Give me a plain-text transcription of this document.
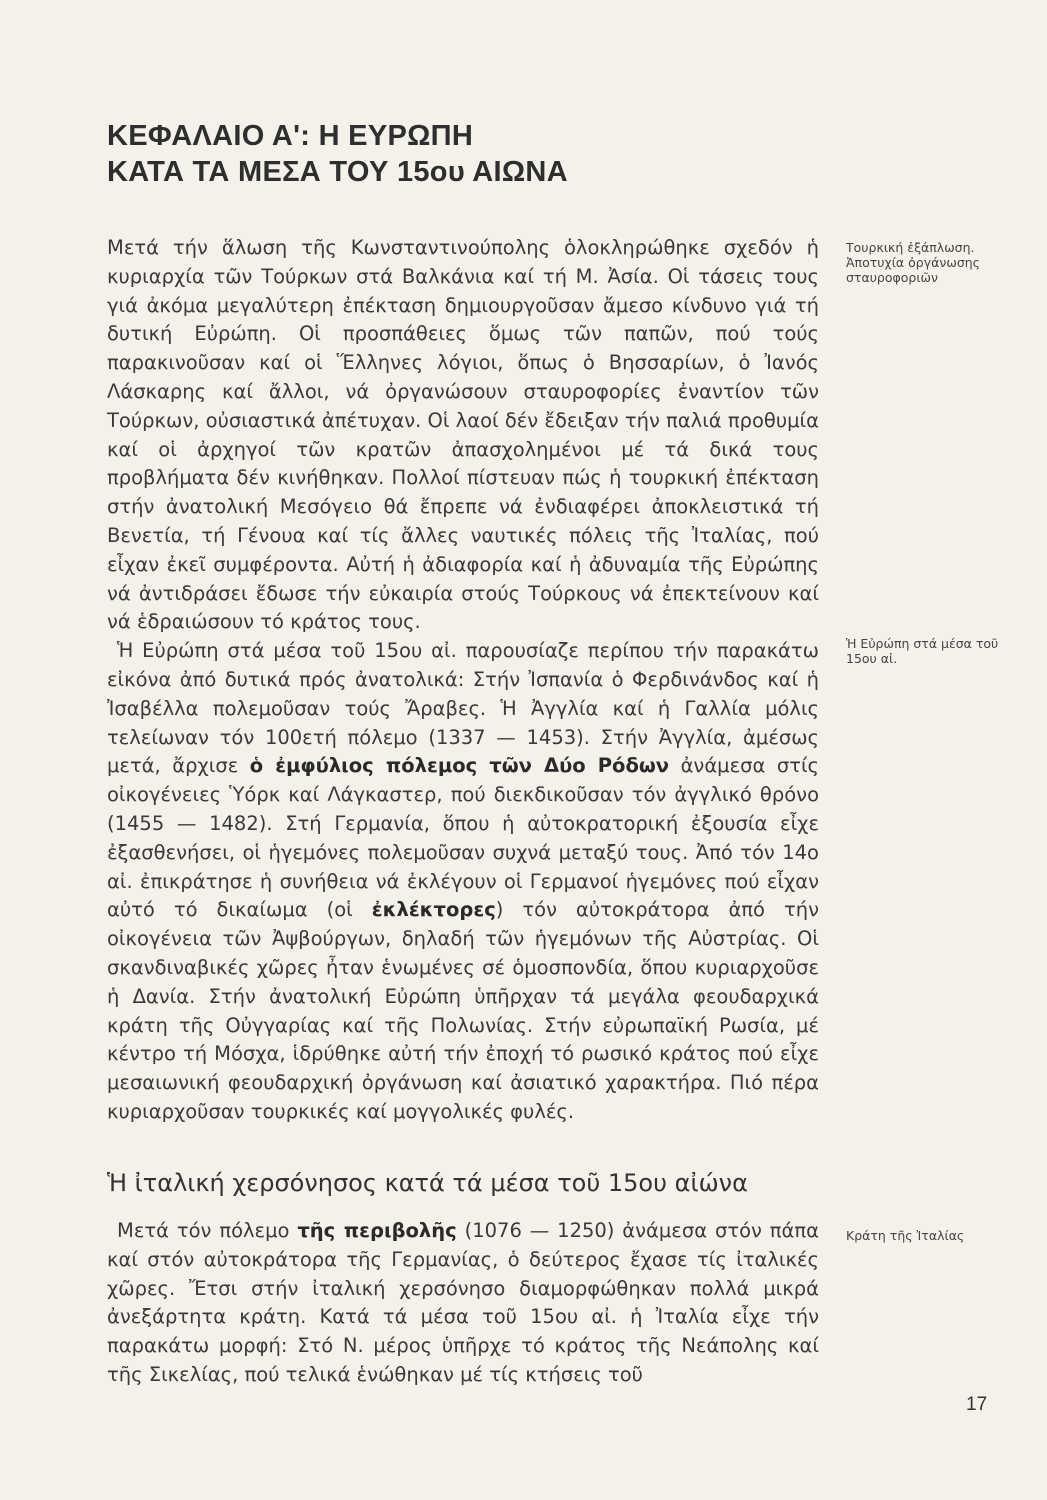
ΚΕΦΑΛΑΙΟ Α': Η ΕΥΡΩΠΗ
ΚΑΤΑ ΤΑ ΜΕΣΑ ΤΟΥ 15ου ΑΙΩΝΑ

Μετά τήν ἅλωση τῆς Κωνσταντινούπολης ὁλοκληρώθηκε σχεδόν ἡ κυριαρχία τῶν Τούρκων στά Βαλκάνια καί τή Μ. Ἀσία. Οἱ τάσεις τους γιά ἀκόμα μεγαλύτερη ἐπέκταση δημιουργοῦσαν ἄμεσο κίνδυνο γιά τή δυτική Εὐρώπη. Οἱ προσπάθειες ὅμως τῶν παπῶν, πού τούς παρακινοῦσαν καί οἱ Ἕλληνες λόγιοι, ὅπως ὁ Βησσαρίων, ὁ Ἰανός Λάσκαρης καί ἄλλοι, νά ὀργανώσουν σταυροφορίες ἐναντίον τῶν Τούρκων, οὐσιαστικά ἀπέτυχαν. Οἱ λαοί δέν ἔδειξαν τήν παλιά προθυμία καί οἱ ἀρχηγοί τῶν κρατῶν ἀπασχολημένοι μέ τά δικά τους προβλήματα δέν κινήθηκαν. Πολλοί πίστευαν πώς ἡ τουρκική ἐπέκταση στήν ἀνατολική Μεσόγειο θά ἔπρεπε νά ἐνδιαφέρει ἀποκλειστικά τή Βενετία, τή Γένουα καί τίς ἄλλες ναυτικές πόλεις τῆς Ἰταλίας, πού εἶχαν ἐκεῖ συμφέροντα. Αὐτή ἡ ἀδιαφορία καί ἡ ἀδυναμία τῆς Εὐρώπης νά ἀντιδράσει ἔδωσε τήν εὐκαιρία στούς Τούρκους νά ἐπεκτείνουν καί νά ἑδραιώσουν τό κράτος τους.

Ἡ Εὐρώπη στά μέσα τοῦ 15ου αἰ. παρουσίαζε περίπου τήν παρακάτω εἰκόνα ἀπό δυτικά πρός ἀνατολικά: Στήν Ἰσπανία ὁ Φερδινάνδος καί ἡ Ἰσαβέλλα πολεμοῦσαν τούς Ἄραβες. Ἡ Ἀγγλία καί ἡ Γαλλία μόλις τελείωναν τόν 100ετή πόλεμο (1337 — 1453). Στήν Ἀγγλία, ἀμέσως μετά, ἄρχισε ὁ ἐμφύλιος πόλεμος τῶν Δύο Ρόδων ἀνάμεσα στίς οἰκογένειες Ὑόρκ καί Λάγκαστερ, πού διεκδικοῦσαν τόν ἀγγλικό θρόνο (1455 — 1482). Στή Γερμανία, ὅπου ἡ αὐτοκρατορική ἐξουσία εἶχε ἐξασθενήσει, οἱ ἡγεμόνες πολεμοῦσαν συχνά μεταξύ τους. Ἀπό τόν 14ο αἰ. ἐπικράτησε ἡ συνήθεια νά ἐκλέγουν οἱ Γερμανοί ἡγεμόνες πού εἶχαν αὐτό τό δικαίωμα (οἱ ἐκλέκτορες) τόν αὐτοκράτορα ἀπό τήν οἰκογένεια τῶν Ἀψβούργων, δηλαδή τῶν ἡγεμόνων τῆς Αὐστρίας. Οἱ σκανδιναβικές χῶρες ἦταν ἑνωμένες σέ ὁμοσπονδία, ὅπου κυριαρχοῦσε ἡ Δανία. Στήν ἀνατολική Εὐρώπη ὑπῆρχαν τά μεγάλα φεουδαρχικά κράτη τῆς Οὐγγαρίας καί τῆς Πολωνίας. Στήν εὐρωπαϊκή Ρωσία, μέ κέντρο τή Μόσχα, ἱδρύθηκε αὐτή τήν ἐποχή τό ρωσικό κράτος πού εἶχε μεσαιωνική φεουδαρχική ὀργάνωση καί ἀσιατικό χαρακτήρα. Πιό πέρα κυριαρχοῦσαν τουρκικές καί μογγολικές φυλές.

Ἡ ἰταλική χερσόνησος κατά τά μέσα τοῦ 15ου αἰώνα

Μετά τόν πόλεμο τῆς περιβολῆς (1076 — 1250) ἀνάμεσα στόν πάπα καί στόν αὐτοκράτορα τῆς Γερμανίας, ὁ δεύτερος ἔχασε τίς ἰταλικές χῶρες. Ἔτσι στήν ἰταλική χερσόνησο διαμορφώθηκαν πολλά μικρά ἀνεξάρτητα κράτη. Κατά τά μέσα τοῦ 15ου αἰ. ἡ Ἰταλία εἶχε τήν παρακάτω μορφή: Στό Ν. μέρος ὑπῆρχε τό κράτος τῆς Νεάπολης καί τῆς Σικελίας, πού τελικά ἑνώθηκαν μέ τίς κτήσεις τοῦ

Τουρκική ἐξάπλωση.
Ἀποτυχία ὀργάνωσης σταυροφοριῶν
Ἡ Εὐρώπη στά μέσα τοῦ 15ου αἰ.
Κράτη τῆς Ἰταλίας
17
